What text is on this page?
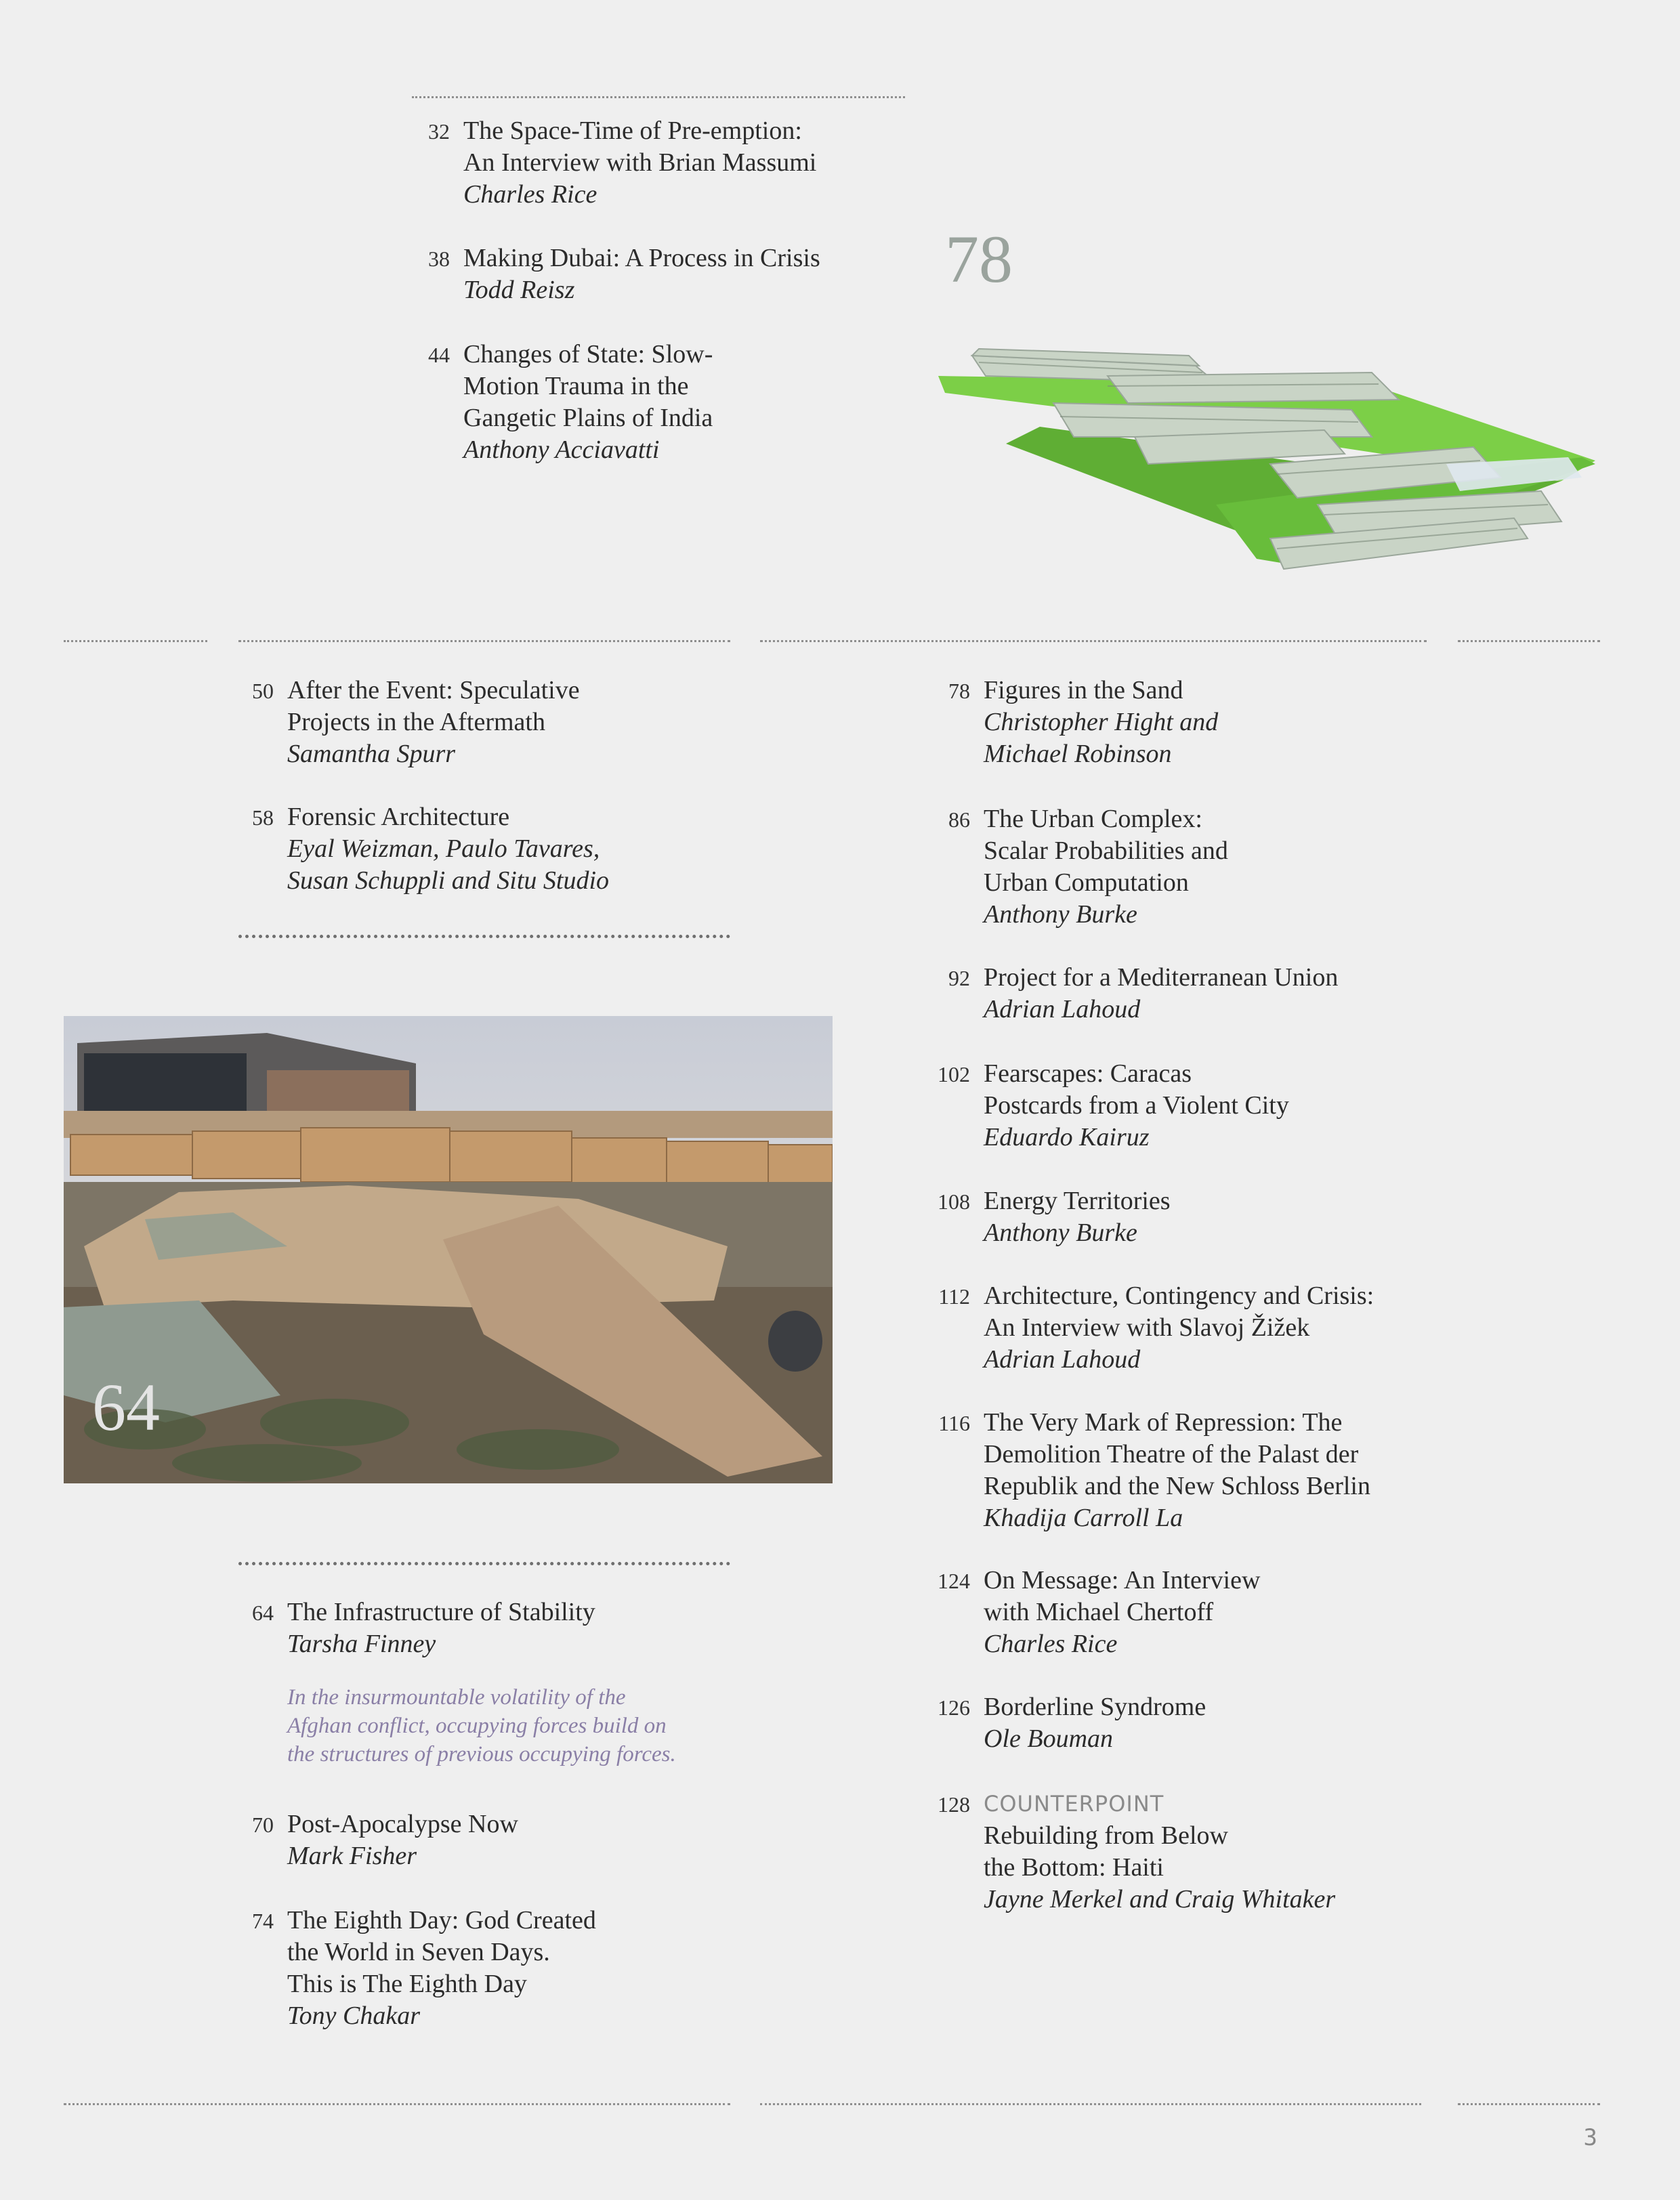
32 The Space-Time of Pre-emption:
An Interview with Brian Massumi
Charles Rice
38 Making Dubai: A Process in Crisis
Todd Reisz
44 Changes of State: Slow-
Motion Trauma in the
Gangetic Plains of India
Anthony Acciavatti
78
50 After the Event: Speculative
Projects in the Aftermath
Samantha Spurr
58 Forensic Architecture
Eyal Weizman, Paulo Tavares,
Susan Schuppli and Situ Studio
64
64 The Infrastructure of Stability
Tarsha Finney
In the insurmountable volatility of the
Afghan conflict, occupying forces build on
the structures of previous occupying forces.
70 Post-Apocalypse Now
Mark Fisher
74 The Eighth Day: God Created
the World in Seven Days.
This is The Eighth Day
Tony Chakar
78 Figures in the Sand
Christopher Hight and
Michael Robinson
86 The Urban Complex:
Scalar Probabilities and
Urban Computation
Anthony Burke
92 Project for a Mediterranean Union
Adrian Lahoud
102 Fearscapes: Caracas
Postcards from a Violent City
Eduardo Kairuz
108 Energy Territories
Anthony Burke
112 Architecture, Contingency and Crisis:
An Interview with Slavoj Žižek
Adrian Lahoud
116 The Very Mark of Repression: The
Demolition Theatre of the Palast der
Republik and the New Schloss Berlin
Khadija Carroll La
124 On Message: An Interview
with Michael Chertoff
Charles Rice
126 Borderline Syndrome
Ole Bouman
128 COUNTERPOINT
Rebuilding from Below
the Bottom: Haiti
Jayne Merkel and Craig Whitaker
3
